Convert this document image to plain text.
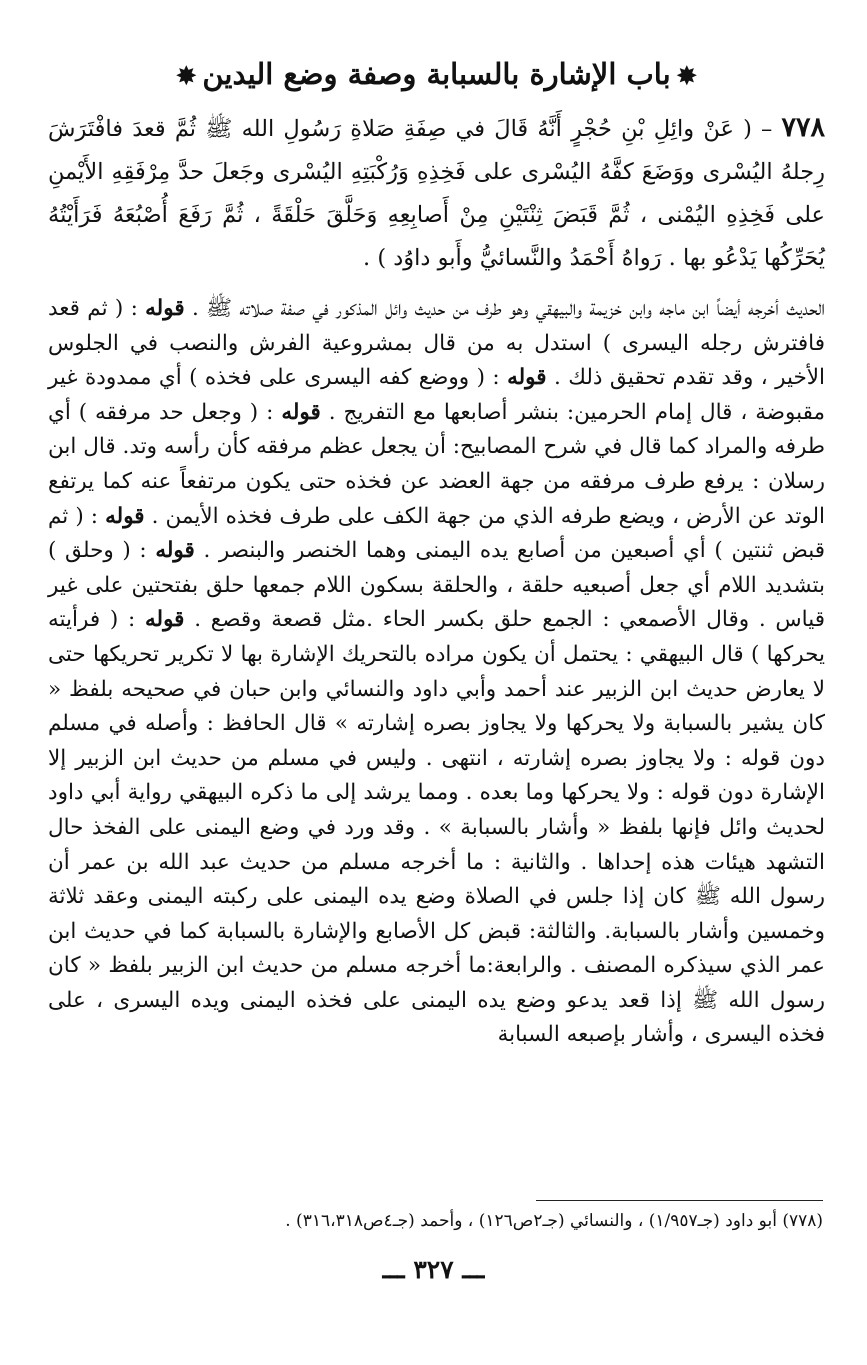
✸باب الإشارة بالسبابة وصفة وضع اليدين✸

٧٧٨ – ( عَنْ وائِلِ بْنِ حُجْرٍ أَنَّهُ قَالَ في صِفَةِ صَلاةِ رَسُولِ الله ﷺ ثُمَّ قعدَ فافْتَرَشَ رِجلهُ اليُسْرى ووَضَعَ كفَّهُ اليُسْرى على فَخِذِهِ وَرُكْبَتِهِ اليُسْرى وجَعلَ حدَّ مِرْفَقِهِ الأَيْمنِ على فَخِذِهِ اليُمْنى ، ثُمَّ قَبَضَ ثِنْتَيْنِ مِنْ أَصابِعِهِ وَحَلَّقَ حَلْقَةً ، ثُمَّ رَفَعَ أُصْبُعَهُ فَرَأَيْتُهُ يُحَرِّكُها يَدْعُو بها . رَواهُ أَحْمَدُ والنَّسائيُّ وأَبو داوُد ) .

الحديث أخرجه أيضاً ابن ماجه وابن خزيمة والبيهقي وهو طرف من حديث وائل المذكور في صفة صلاته ﷺ . قوله : ( ثم قعد فافترش رجله اليسرى ) استدل به من قال بمشروعية الفرش والنصب في الجلوس الأخير ، وقد تقدم تحقيق ذلك . قوله : ( ووضع كفه اليسرى على فخذه ) أي ممدودة غير مقبوضة ، قال إمام الحرمين: بنشر أصابعها مع التفريج . قوله : ( وجعل حد مرفقه ) أي طرفه والمراد كما قال في شرح المصابيح: أن يجعل عظم مرفقه كأن رأسه وتد. قال ابن رسلان : يرفع طرف مرفقه من جهة العضد عن فخذه حتى يكون مرتفعاً عنه كما يرتفع الوتد عن الأرض ، ويضع طرفه الذي من جهة الكف على طرف فخذه الأيمن . قوله : ( ثم قبض ثنتين ) أي أصبعين من أصابع يده اليمنى وهما الخنصر والبنصر . قوله : ( وحلق ) بتشديد اللام أي جعل أصبعيه حلقة ، والحلقة بسكون اللام جمعها حلق بفتحتين على غير قياس . وقال الأصمعي : الجمع حلق بكسر الحاء .مثل قصعة وقصع . قوله : ( فرأيته يحركها ) قال البيهقي : يحتمل أن يكون مراده بالتحريك الإشارة بها لا تكرير تحريكها حتى لا يعارض حديث ابن الزبير عند أحمد وأبي داود والنسائي وابن حبان في صحيحه بلفظ « كان يشير بالسبابة ولا يحركها ولا يجاوز بصره إشارته » قال الحافظ : وأصله في مسلم دون قوله : ولا يجاوز بصره إشارته ، انتهى . وليس في مسلم من حديث ابن الزبير إلا الإشارة دون قوله : ولا يحركها وما بعده . ومما يرشد إلى ما ذكره البيهقي رواية أبي داود لحديث وائل فإنها بلفظ « وأشار بالسبابة » . وقد ورد في وضع اليمنى على الفخذ حال التشهد هيئات هذه إحداها . والثانية : ما أخرجه مسلم من حديث عبد الله بن عمر أن رسول الله ﷺ كان إذا جلس في الصلاة وضع يده اليمنى على ركبته اليمنى وعقد ثلاثة وخمسين وأشار بالسبابة. والثالثة: قبض كل الأصابع والإشارة بالسبابة كما في حديث ابن عمر الذي سيذكره المصنف . والرابعة:ما أخرجه مسلم من حديث ابن الزبير بلفظ « كان رسول الله ﷺ إذا قعد يدعو وضع يده اليمنى على فخذه اليمنى ويده اليسرى ، على فخذه اليسرى ، وأشار بإصبعه السبابة

(٧٧٨) أبو داود (جـ١/٩٥٧) ، والنسائي (جـ٢ص١٢٦) ، وأحمد (جـ٤ص٣١٦،٣١٨) .
ـــ ٣٢٧ ـــ
